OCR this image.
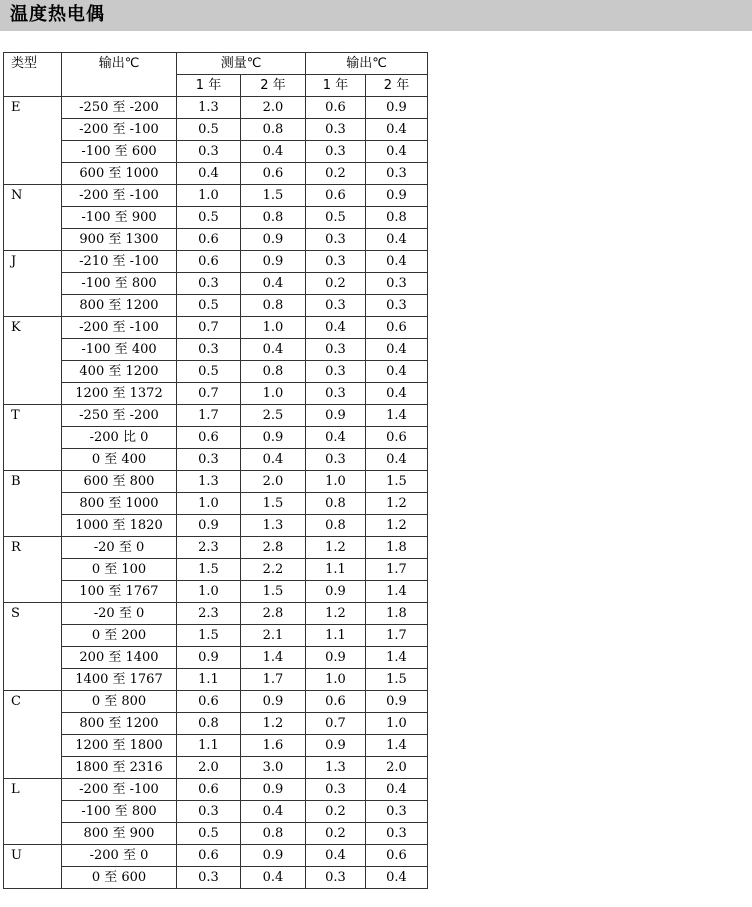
温度热电偶
类型	输出℃	测量℃		输出℃	
		1 年	2 年	1 年	2 年
E	-250 至 -200	1.3	2.0	0.6	0.9
	-200 至 -100	0.5	0.8	0.3	0.4
	-100 至 600	0.3	0.4	0.3	0.4
	600 至 1000	0.4	0.6	0.2	0.3
N	-200 至 -100	1.0	1.5	0.6	0.9
	-100 至 900	0.5	0.8	0.5	0.8
	900 至 1300	0.6	0.9	0.3	0.4
J	-210 至 -100	0.6	0.9	0.3	0.4
	-100 至 800	0.3	0.4	0.2	0.3
	800 至 1200	0.5	0.8	0.3	0.3
K	-200 至 -100	0.7	1.0	0.4	0.6
	-100 至 400	0.3	0.4	0.3	0.4
	400 至 1200	0.5	0.8	0.3	0.4
	1200 至 1372	0.7	1.0	0.3	0.4
T	-250 至 -200	1.7	2.5	0.9	1.4
	-200 比 0	0.6	0.9	0.4	0.6
	0 至 400	0.3	0.4	0.3	0.4
B	600 至 800	1.3	2.0	1.0	1.5
	800 至 1000	1.0	1.5	0.8	1.2
	1000 至 1820	0.9	1.3	0.8	1.2
R	-20 至 0	2.3	2.8	1.2	1.8
	0 至 100	1.5	2.2	1.1	1.7
	100 至 1767	1.0	1.5	0.9	1.4
S	-20 至 0	2.3	2.8	1.2	1.8
	0 至 200	1.5	2.1	1.1	1.7
	200 至 1400	0.9	1.4	0.9	1.4
	1400 至 1767	1.1	1.7	1.0	1.5
C	0 至 800	0.6	0.9	0.6	0.9
	800 至 1200	0.8	1.2	0.7	1.0
	1200 至 1800	1.1	1.6	0.9	1.4
	1800 至 2316	2.0	3.0	1.3	2.0
L	-200 至 -100	0.6	0.9	0.3	0.4
	-100 至 800	0.3	0.4	0.2	0.3
	800 至 900	0.5	0.8	0.2	0.3
U	-200 至 0	0.6	0.9	0.4	0.6
	0 至 600	0.3	0.4	0.3	0.4
